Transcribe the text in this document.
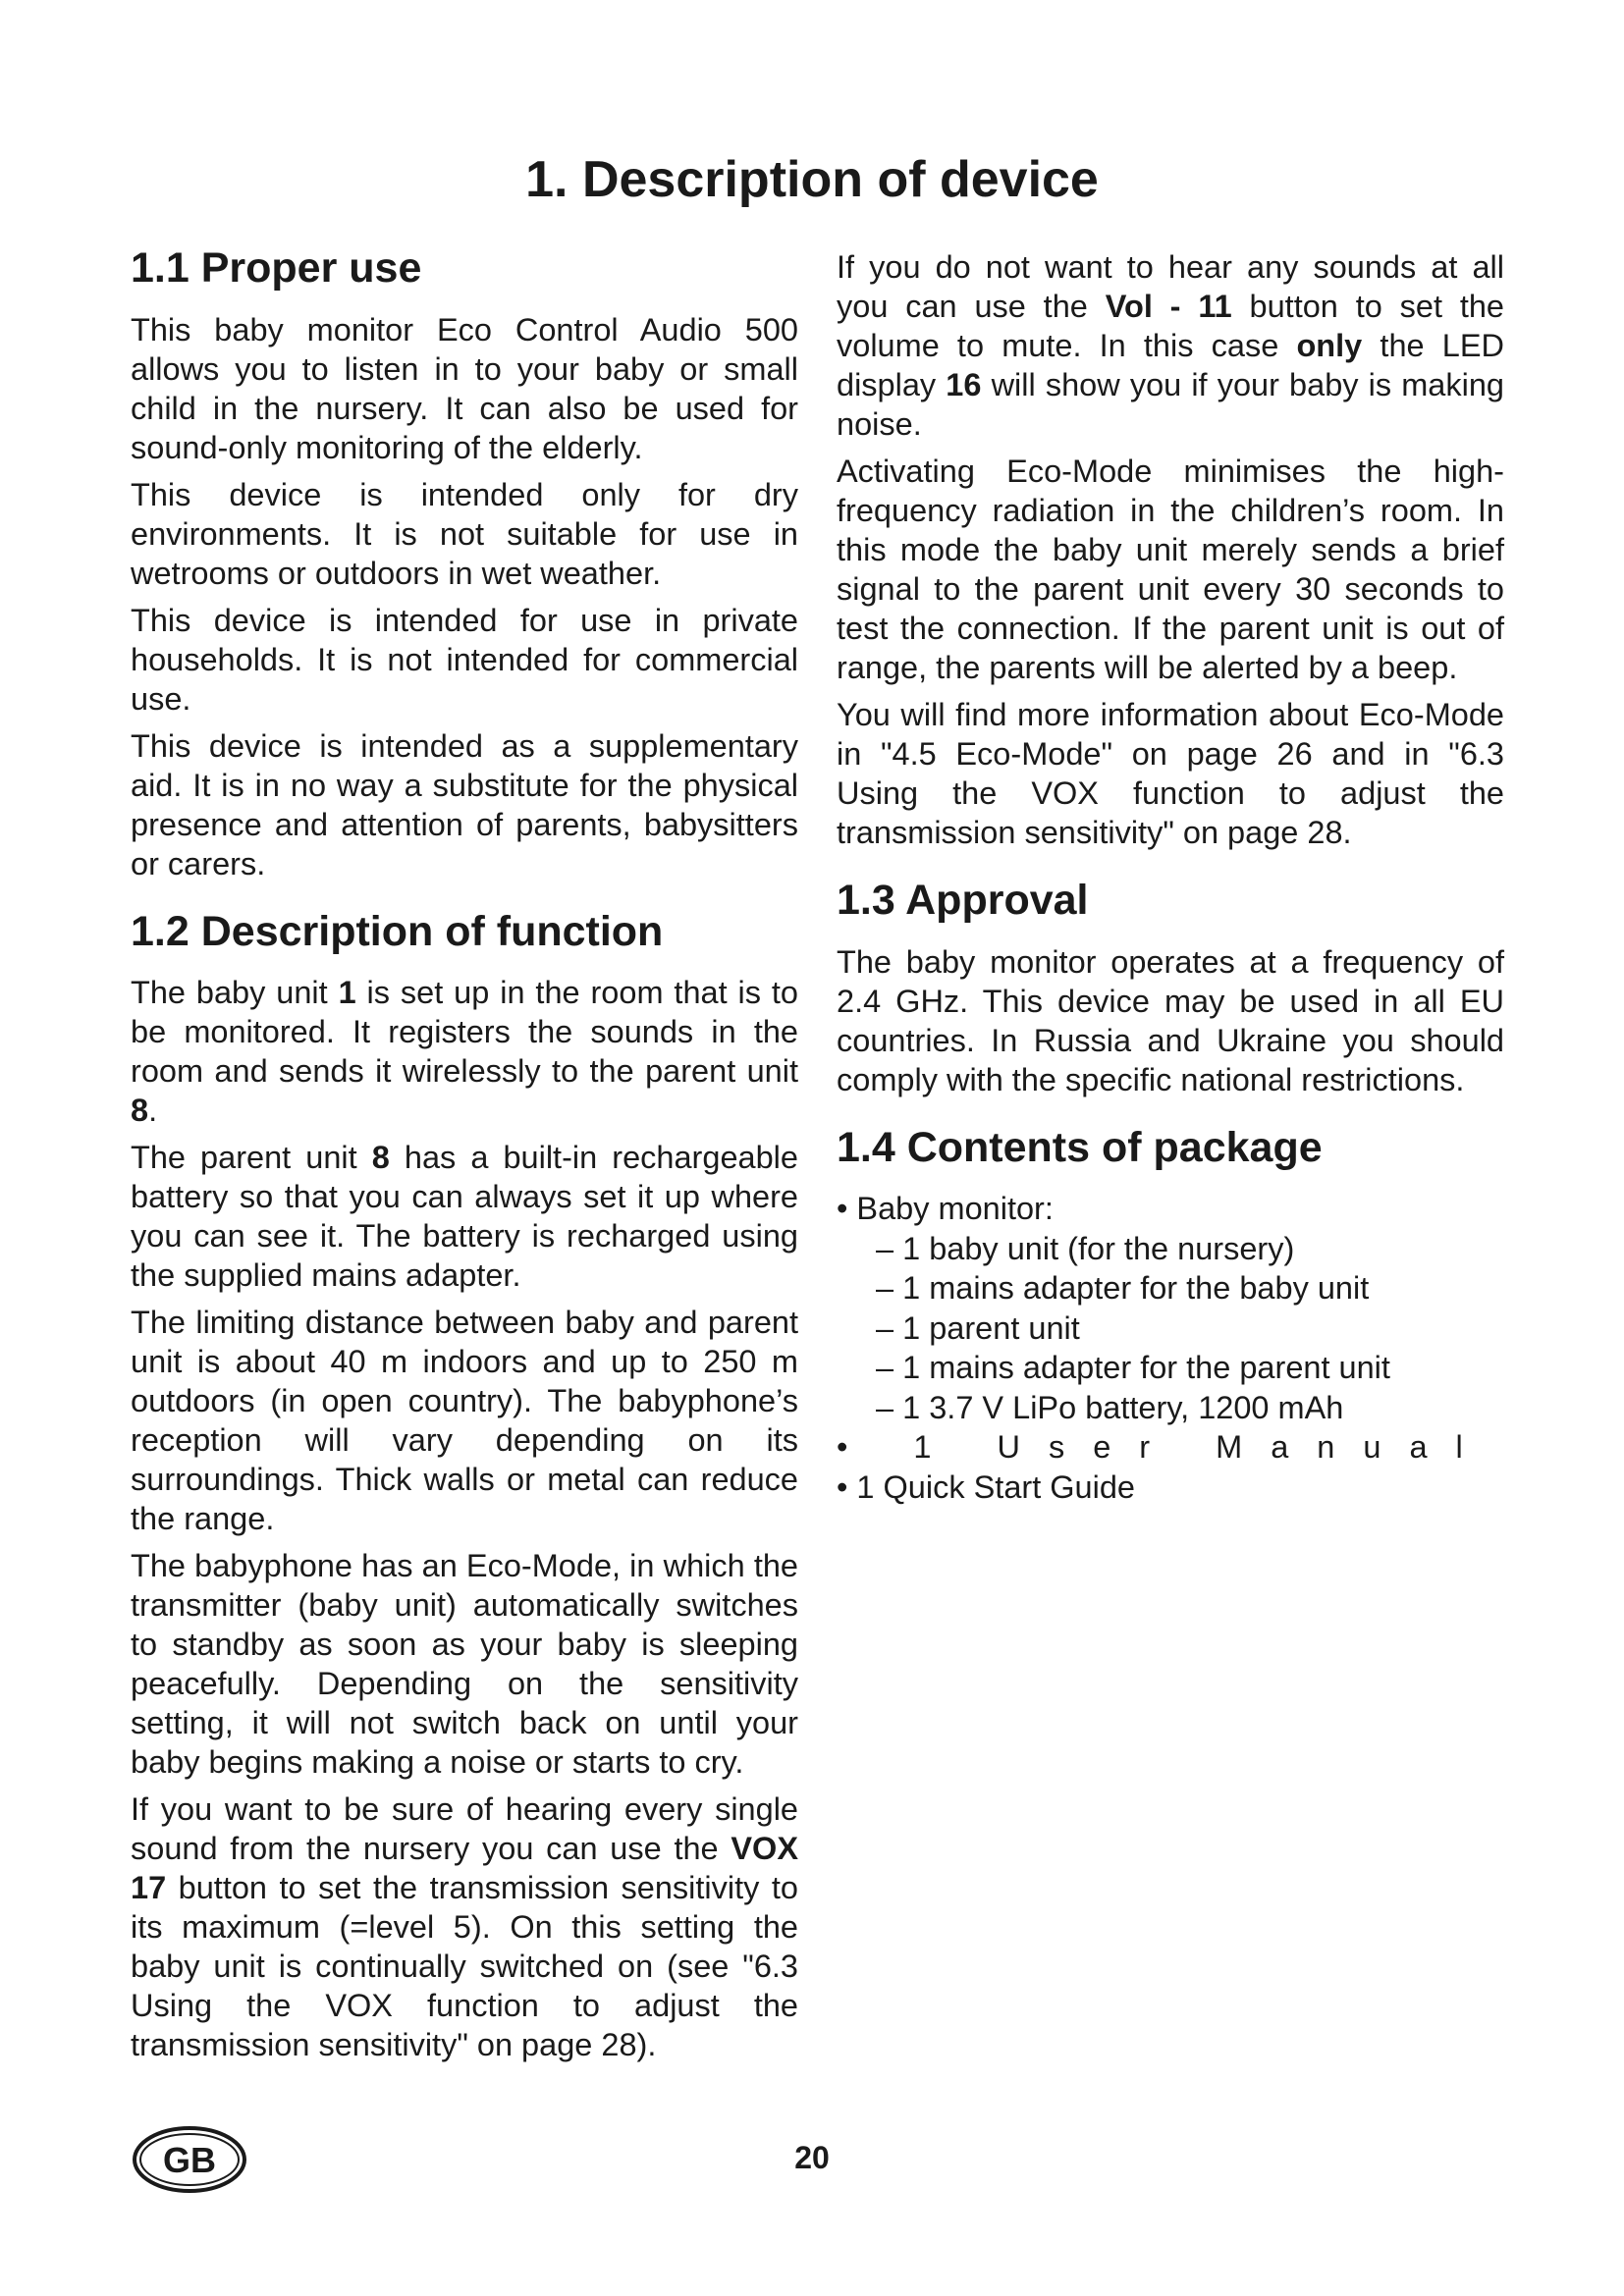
1. Description of device
1.1 Proper use

This baby monitor Eco Control Audio 500 allows you to listen in to your baby or small child in the nursery. It can also be used for sound-only monitoring of the elderly.

This device is intended only for dry environments. It is not suitable for use in wetrooms or outdoors in wet weather.

This device is intended for use in private households. It is not intended for commercial use.

This device is intended as a supplementary aid. It is in no way a substitute for the physical presence and attention of parents, babysitters or carers.

1.2 Description of function

The baby unit 1 is set up in the room that is to be monitored. It registers the sounds in the room and sends it wirelessly to the parent unit 8.

The parent unit 8 has a built-in rechargeable battery so that you can always set it up where you can see it. The battery is recharged using the supplied mains adapter.

The limiting distance between baby and parent unit is about 40 m indoors and up to 250 m outdoors (in open country). The babyphone’s reception will vary depending on its surroundings. Thick walls or metal can reduce the range.

The babyphone has an Eco-Mode, in which the transmitter (baby unit) automatically switches to standby as soon as your baby is sleeping peacefully. Depending on the sensitivity setting, it will not switch back on until your baby begins making a noise or starts to cry.

If you want to be sure of hearing every single sound from the nursery you can use the VOX 17 button to set the transmission sensitivity to its maximum (=level 5). On this setting the baby unit is continually switched on (see "6.3 Using the VOX function to adjust the transmission sensitivity" on page 28).

If you do not want to hear any sounds at all you can use the Vol - 11 button to set the volume to mute. In this case only the LED display 16 will show you if your baby is making noise.

Activating Eco-Mode minimises the high-frequency radiation in the children’s room. In this mode the baby unit merely sends a brief signal to the parent unit every 30 seconds to test the connection. If the parent unit is out of range, the parents will be alerted by a beep.

You will find more information about Eco-Mode in "4.5 Eco-Mode" on page 26 and in "6.3 Using the VOX function to adjust the transmission sensitivity" on page 28.

1.3 Approval

The baby monitor operates at a frequency of 2.4 GHz. This device may be used in all EU countries. In Russia and Ukraine you should comply with the specific national restrictions.

1.4 Contents of package
• Baby monitor:
– 1 baby unit (for the nursery)
– 1 mains adapter for the baby unit
– 1 parent unit
– 1 mains adapter for the parent unit
– 1 3.7 V LiPo battery, 1200 mAh
• 1 User Manual
• 1 Quick Start Guide
GB	20
